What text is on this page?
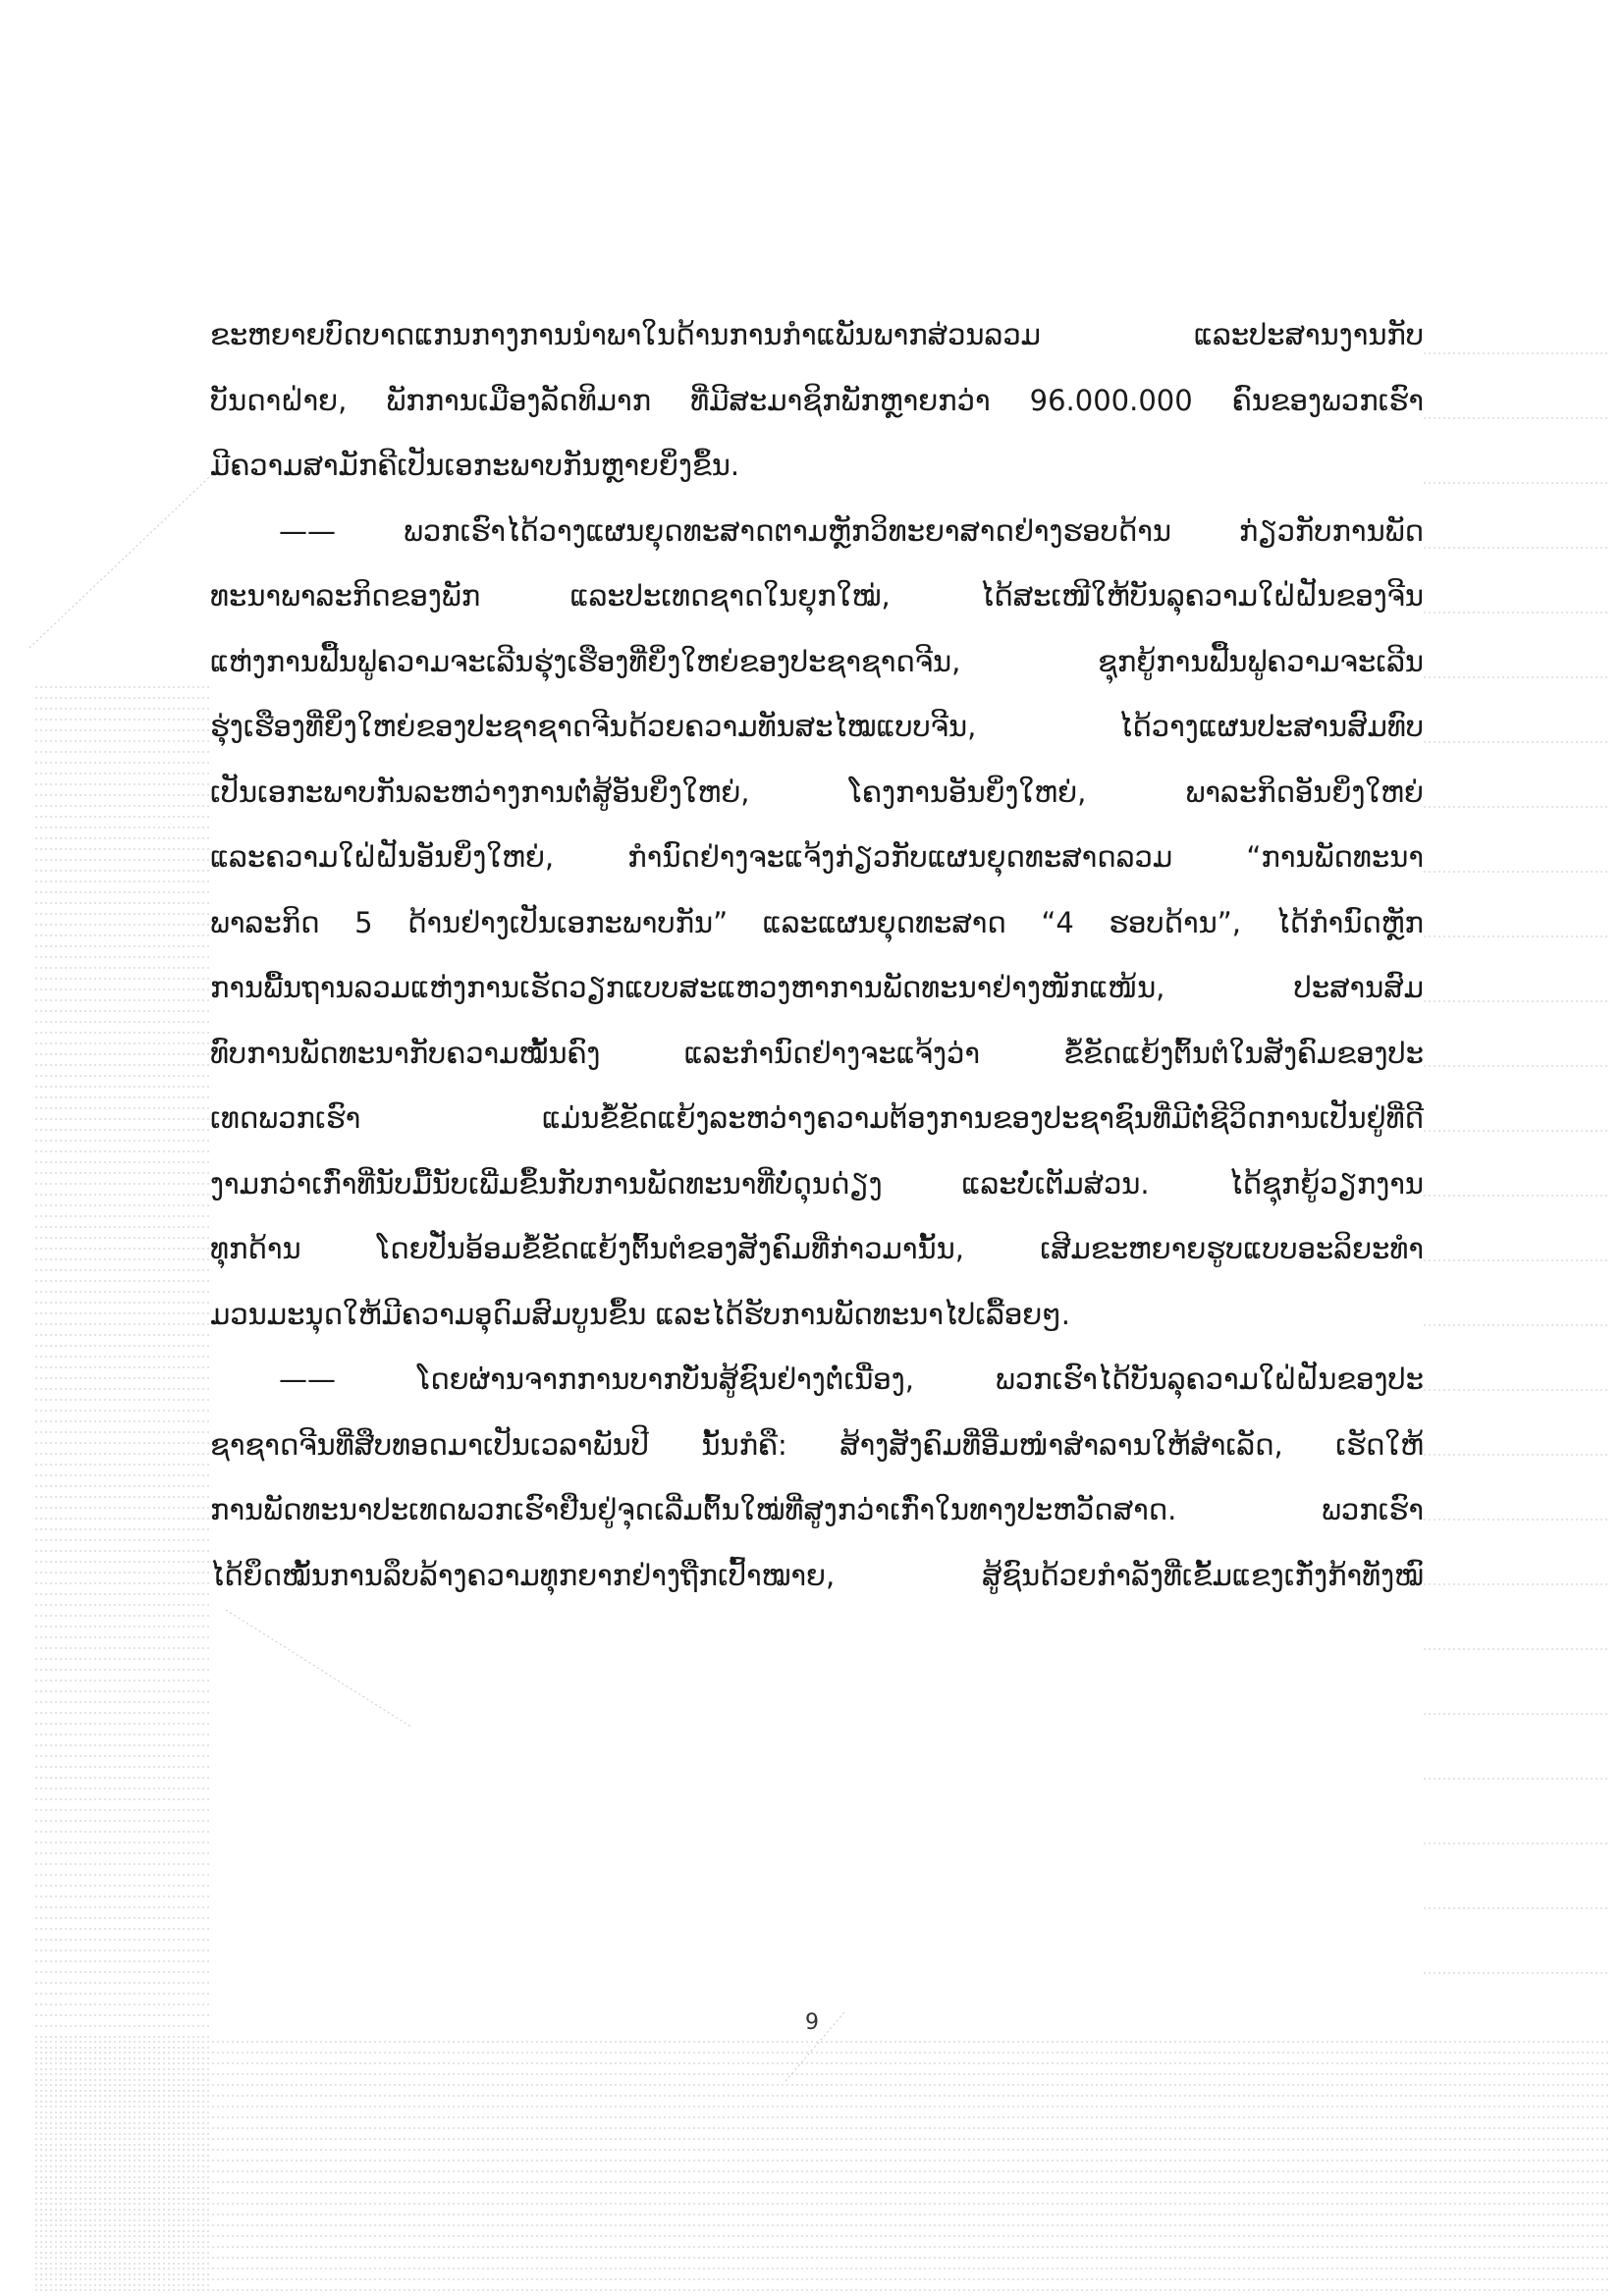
ຂະຫຍາຍບົດບາດແກນກາງການນຳພາໃນດ້ານການກຳແພັນພາກສ່ວນລວມ ແລະປະສານງານກັບ
ບັນດາຝ່າຍ, ພັກການເມືອງລັດທິມາກ ທີ່ມີສະມາຊິກພັກຫຼາຍກວ່າ 96.000.000 ຄົນຂອງພວກເຮົາ
ມີຄວາມສາມັກຄີເປັນເອກະພາບກັນຫຼາຍຍິ່ງຂຶ້ນ.
—— ພວກເຮົາໄດ້ວາງແຜນຍຸດທະສາດຕາມຫຼັກວິທະຍາສາດຢ່າງຮອບດ້ານ ກ່ຽວກັບການພັດ
ທະນາພາລະກິດຂອງພັກ ແລະປະເທດຊາດໃນຍຸກໃໝ່, ໄດ້ສະເໜີໃຫ້ບັນລຸຄວາມໃຝ່ຝັນຂອງຈີນ
ແຫ່ງການຟື້ນຟູຄວາມຈະເລີນຮຸ່ງເຮືອງທີ່ຍິ່ງໃຫຍ່ຂອງປະຊາຊາດຈີນ, ຊຸກຍູ້ການຟື້ນຟູຄວາມຈະເລີນ
ຮຸ່ງເຮືອງທີ່ຍິ່ງໃຫຍ່ຂອງປະຊາຊາດຈີນດ້ວຍຄວາມທັນສະໄໝແບບຈີນ, ໄດ້ວາງແຜນປະສານສົມທົບ
ເປັນເອກະພາບກັນລະຫວ່າງການຕໍ່ສູ້ອັນຍິ່ງໃຫຍ່, ໂຄງການອັນຍິ່ງໃຫຍ່, ພາລະກິດອັນຍິ່ງໃຫຍ່
ແລະຄວາມໃຝ່ຝັນອັນຍິ່ງໃຫຍ່, ກຳນົດຢ່າງຈະແຈ້ງກ່ຽວກັບແຜນຍຸດທະສາດລວມ “ການພັດທະນາ
ພາລະກິດ 5 ດ້ານຢ່າງເປັນເອກະພາບກັນ” ແລະແຜນຍຸດທະສາດ “4 ຮອບດ້ານ”, ໄດ້ກຳນົດຫຼັກ
ການພື້ນຖານລວມແຫ່ງການເຮັດວຽກແບບສະແຫວງຫາການພັດທະນາຢ່າງໜັກແໜ້ນ, ປະສານສົມ
ທົບການພັດທະນາກັບຄວາມໝັ້ນຄົງ ແລະກຳນົດຢ່າງຈະແຈ້ງວ່າ ຂໍ້ຂັດແຍ້ງຕົ້ນຕໍໃນສັງຄົມຂອງປະ
ເທດພວກເຮົາ ແມ່ນຂໍ້ຂັດແຍ້ງລະຫວ່າງຄວາມຕ້ອງການຂອງປະຊາຊົນທີ່ມີຕໍ່ຊີວິດການເປັນຢູ່ທີ່ດີ
ງາມກວ່າເກົ່າທີ່ນັບມື້ນັບເພີ່ມຂຶ້ນກັບການພັດທະນາທີ່ບໍ່ດຸນດ່ຽງ ແລະບໍ່ເຕັມສ່ວນ. ໄດ້ຊຸກຍູ້ວຽກງານ
ທຸກດ້ານ ໂດຍປັ່ນອ້ອມຂໍ້ຂັດແຍ້ງຕົ້ນຕໍຂອງສັງຄົມທີ່ກ່າວມານັ້ນ, ເສີມຂະຫຍາຍຮູບແບບອະລິຍະທຳ
ມວນມະນຸດໃຫ້ມີຄວາມອຸດົມສົມບູນຂຶ້ນ ແລະໄດ້ຮັບການພັດທະນາໄປເລື້ອຍໆ.
—— ໂດຍຜ່ານຈາກການບາກບັ່ນສູ້ຊົນຢ່າງຕໍ່ເນື່ອງ, ພວກເຮົາໄດ້ບັນລຸຄວາມໃຝ່ຝັນຂອງປະ
ຊາຊາດຈີນທີ່ສືບທອດມາເປັນເວລາພັນປີ ນັ້ນກໍຄື: ສ້າງສັງຄົມທີ່ອີ່ມໜຳສຳລານໃຫ້ສຳເລັດ, ເຮັດໃຫ້
ການພັດທະນາປະເທດພວກເຮົາຢືນຢູ່ຈຸດເລີ່ມຕົ້ນໃໝ່ທີ່ສູງກວ່າເກົ່າໃນທາງປະຫວັດສາດ. ພວກເຮົາ
ໄດ້ຍຶດໝັ້ນການລຶບລ້າງຄວາມທຸກຍາກຢ່າງຖືກເປົ້າໝາຍ, ສູ້ຊົນດ້ວຍກຳລັງທີ່ເຂັ້ມແຂງເກັ່ງກ້າທັງໝົ
9
